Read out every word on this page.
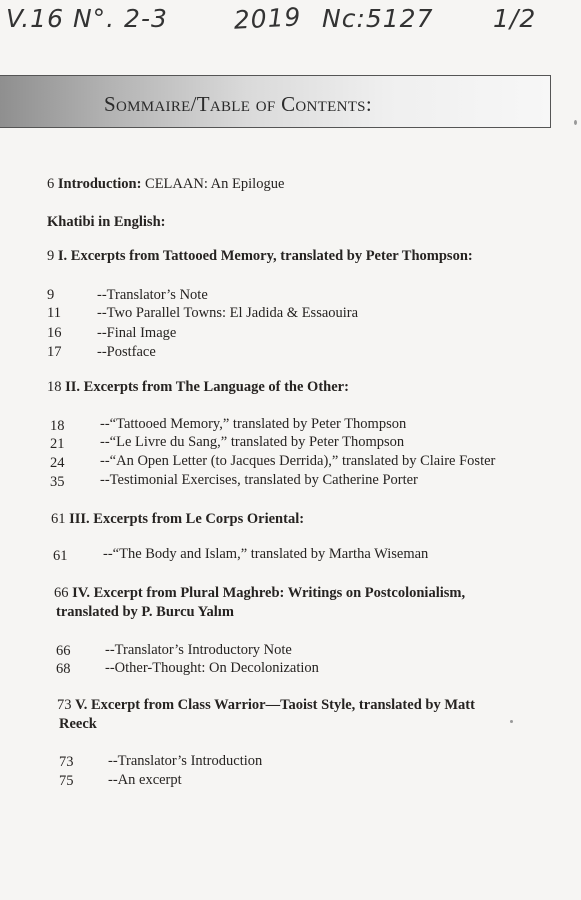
V.16 N°. 2-3	2019 Nc:5127 1/2
Sommaire/Table of Contents:
6 Introduction: CELAAN: An Epilogue
Khatibi in English:
9 I. Excerpts from Tattooed Memory, translated by Peter Thompson:
9	--Translator’s Note
11 --Two Parallel Towns: El Jadida & Essaouira
16 --Final Image
17 --Postface
18 II. Excerpts from The Language of the Other:
18 --“Tattooed Memory,” translated by Peter Thompson
21 --“Le Livre du Sang,” translated by Peter Thompson
24 --“An Open Letter (to Jacques Derrida),” translated by Claire Foster
35 --Testimonial Exercises, translated by Catherine Porter
61 III. Excerpts from Le Corps Oriental:
61 --“The Body and Islam,” translated by Martha Wiseman
66 IV. Excerpt from Plural Maghreb: Writings on Postcolonialism,
translated by P. Burcu Yalım
66 --Translator’s Introductory Note
68 --Other-Thought: On Decolonization
73 V. Excerpt from Class Warrior—Taoist Style, translated by Matt
Reeck
73 --Translator’s Introduction
75 --An excerpt
